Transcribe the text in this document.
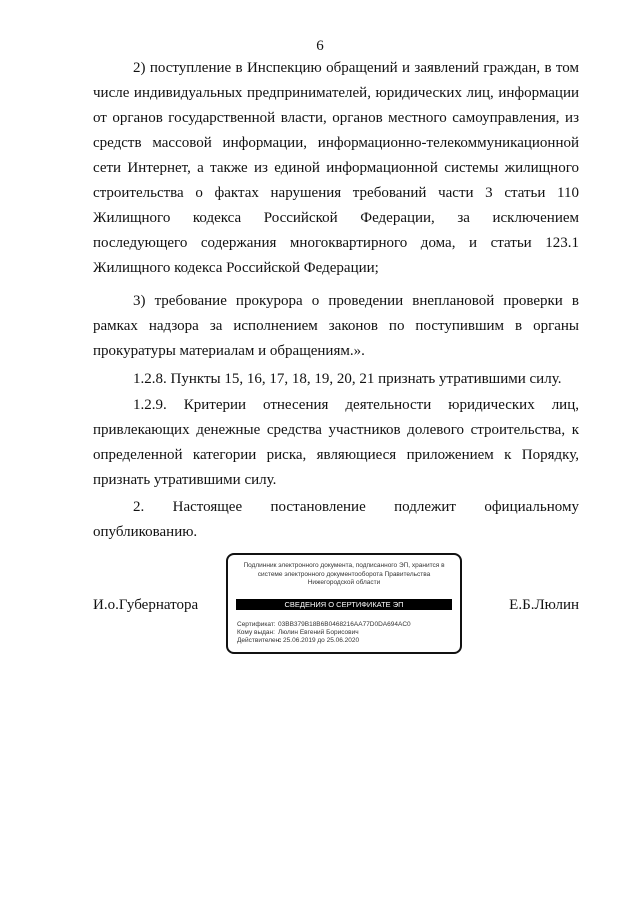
6

2) поступление в Инспекцию обращений и заявлений граждан, в том числе индивидуальных предпринимателей, юридических лиц, информации от органов государственной власти, органов местного самоуправления, из средств массовой информации, информационно-телекоммуникационной сети Интернет, а также из единой информационной системы жилищного строительства о фактах нарушения требований части 3 статьи 110 Жилищного кодекса Российской Федерации, за исключением последующего содержания многоквартирного дома, и статьи 123.1 Жилищного кодекса Российской Федерации;

3) требование прокурора о проведении внеплановой проверки в рамках надзора за исполнением законов по поступившим в органы прокуратуры материалам и обращениям.».

1.2.8. Пункты 15, 16, 17, 18, 19, 20, 21 признать утратившими силу.

1.2.9. Критерии отнесения деятельности юридических лиц, привлекающих денежные средства участников долевого строительства, к определенной категории риска, являющиеся приложением к Порядку, признать утратившими силу.

2. Настоящее постановление подлежит официальному опубликованию.

И.о.Губернатора
Подлинник электронного документа, подписанного ЭП, хранится в системе электронного документооборота Правительства Нижегородской области
СВЕДЕНИЯ О СЕРТИФИКАТЕ ЭП
Сертификат: 03BB379B18B6B0468216AA77D0DA694AC0
Кому выдан: Люлин Евгений Борисович
Действителен:с 25.06.2019 до 25.06.2020
Е.Б.Люлин
